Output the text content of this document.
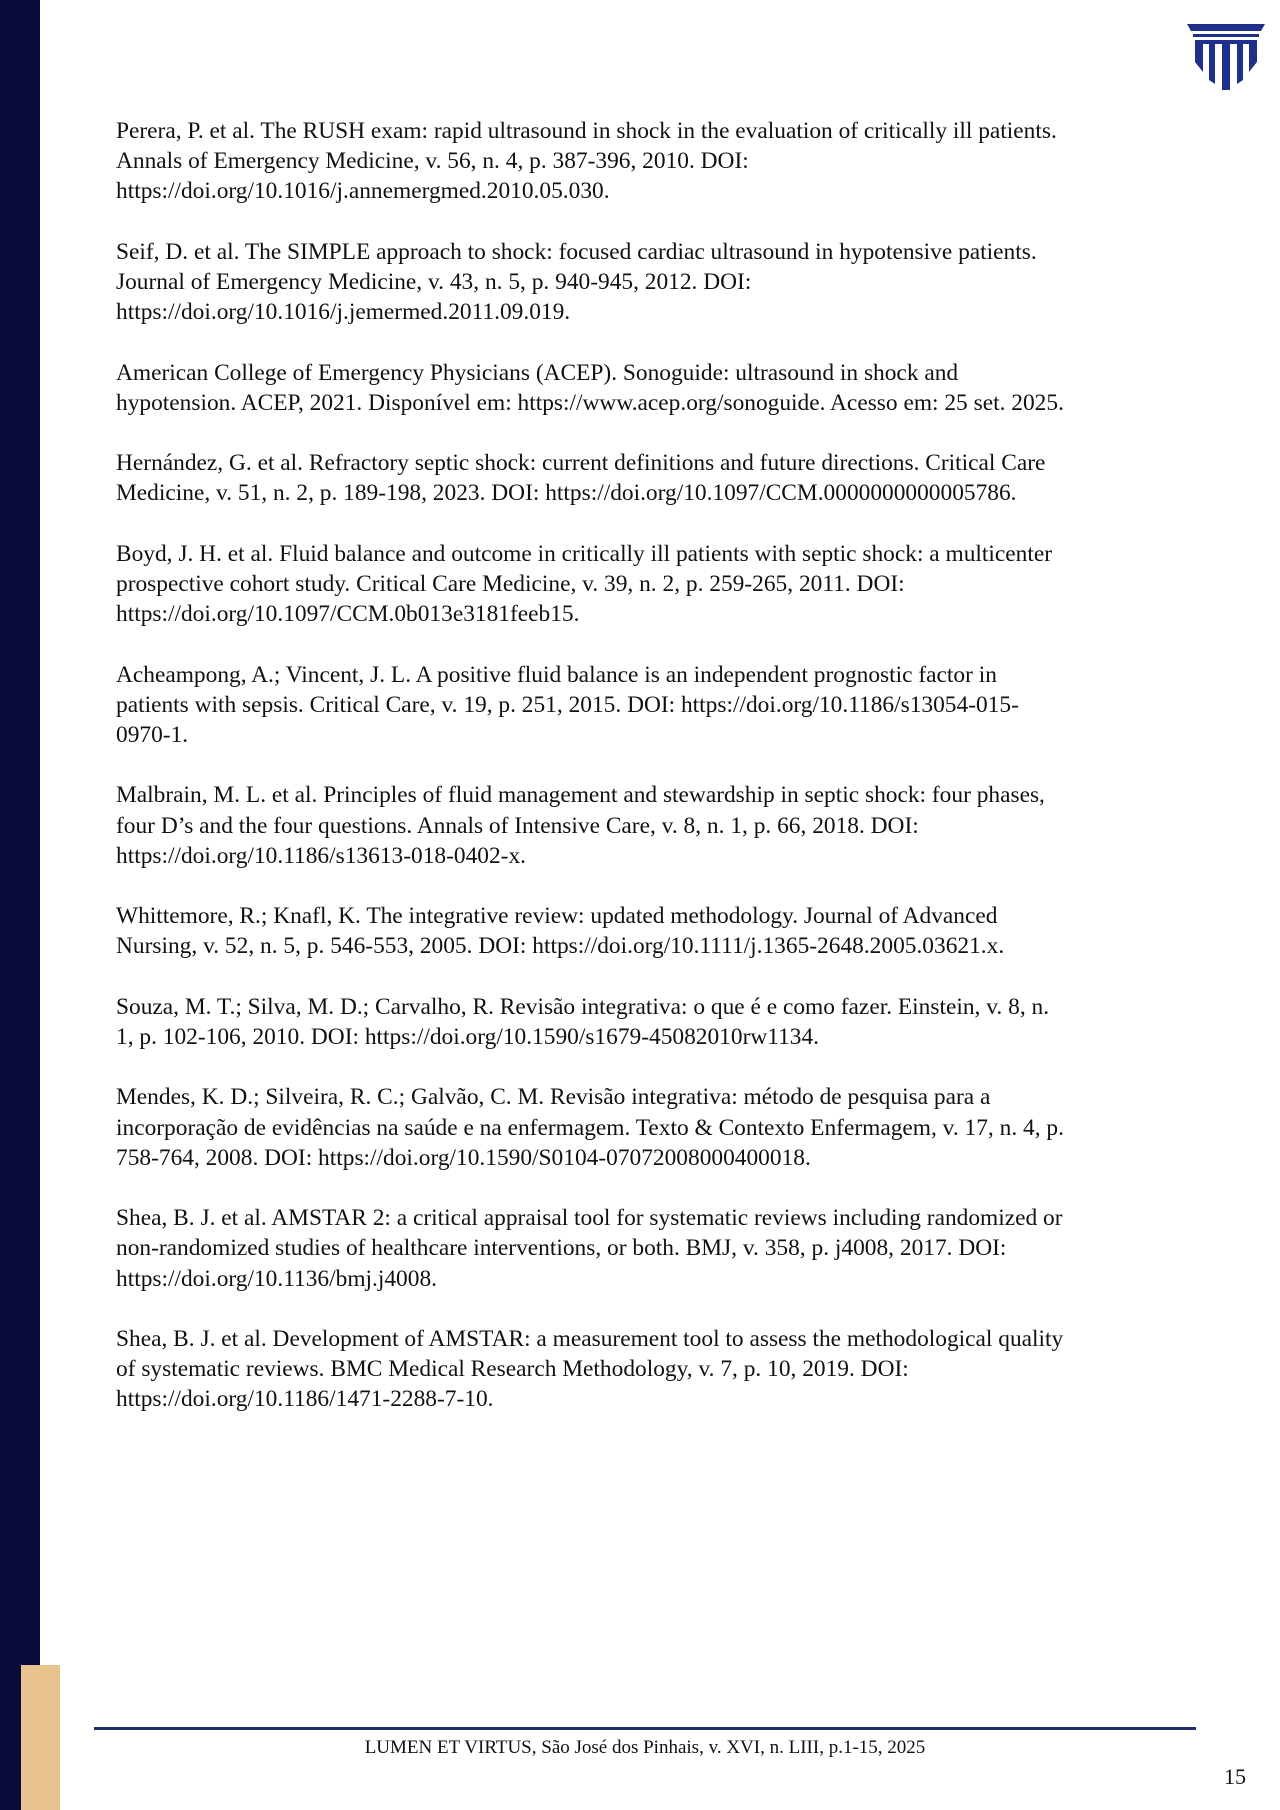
Perera, P. et al. The RUSH exam: rapid ultrasound in shock in the evaluation of critically ill patients.
Annals of Emergency Medicine, v. 56, n. 4, p. 387-396, 2010. DOI:
https://doi.org/10.1016/j.annemergmed.2010.05.030.
Seif, D. et al. The SIMPLE approach to shock: focused cardiac ultrasound in hypotensive patients.
Journal of Emergency Medicine, v. 43, n. 5, p. 940-945, 2012. DOI:
https://doi.org/10.1016/j.jemermed.2011.09.019.
American College of Emergency Physicians (ACEP). Sonoguide: ultrasound in shock and
hypotension. ACEP, 2021. Disponível em: https://www.acep.org/sonoguide. Acesso em: 25 set. 2025.
Hernández, G. et al. Refractory septic shock: current definitions and future directions. Critical Care
Medicine, v. 51, n. 2, p. 189-198, 2023. DOI: https://doi.org/10.1097/CCM.0000000000005786.
Boyd, J. H. et al. Fluid balance and outcome in critically ill patients with septic shock: a multicenter
prospective cohort study. Critical Care Medicine, v. 39, n. 2, p. 259-265, 2011. DOI:
https://doi.org/10.1097/CCM.0b013e3181feeb15.
Acheampong, A.; Vincent, J. L. A positive fluid balance is an independent prognostic factor in
patients with sepsis. Critical Care, v. 19, p. 251, 2015. DOI: https://doi.org/10.1186/s13054-015-
0970-1.
Malbrain, M. L. et al. Principles of fluid management and stewardship in septic shock: four phases,
four D’s and the four questions. Annals of Intensive Care, v. 8, n. 1, p. 66, 2018. DOI:
https://doi.org/10.1186/s13613-018-0402-x.
Whittemore, R.; Knafl, K. The integrative review: updated methodology. Journal of Advanced
Nursing, v. 52, n. 5, p. 546-553, 2005. DOI: https://doi.org/10.1111/j.1365-2648.2005.03621.x.
Souza, M. T.; Silva, M. D.; Carvalho, R. Revisão integrativa: o que é e como fazer. Einstein, v. 8, n.
1, p. 102-106, 2010. DOI: https://doi.org/10.1590/s1679-45082010rw1134.
Mendes, K. D.; Silveira, R. C.; Galvão, C. M. Revisão integrativa: método de pesquisa para a
incorporação de evidências na saúde e na enfermagem. Texto & Contexto Enfermagem, v. 17, n. 4, p.
758-764, 2008. DOI: https://doi.org/10.1590/S0104-07072008000400018.
Shea, B. J. et al. AMSTAR 2: a critical appraisal tool for systematic reviews including randomized or
non-randomized studies of healthcare interventions, or both. BMJ, v. 358, p. j4008, 2017. DOI:
https://doi.org/10.1136/bmj.j4008.
Shea, B. J. et al. Development of AMSTAR: a measurement tool to assess the methodological quality
of systematic reviews. BMC Medical Research Methodology, v. 7, p. 10, 2019. DOI:
https://doi.org/10.1186/1471-2288-7-10.
LUMEN ET VIRTUS, São José dos Pinhais, v. XVI, n. LIII, p.1-15, 2025
15
